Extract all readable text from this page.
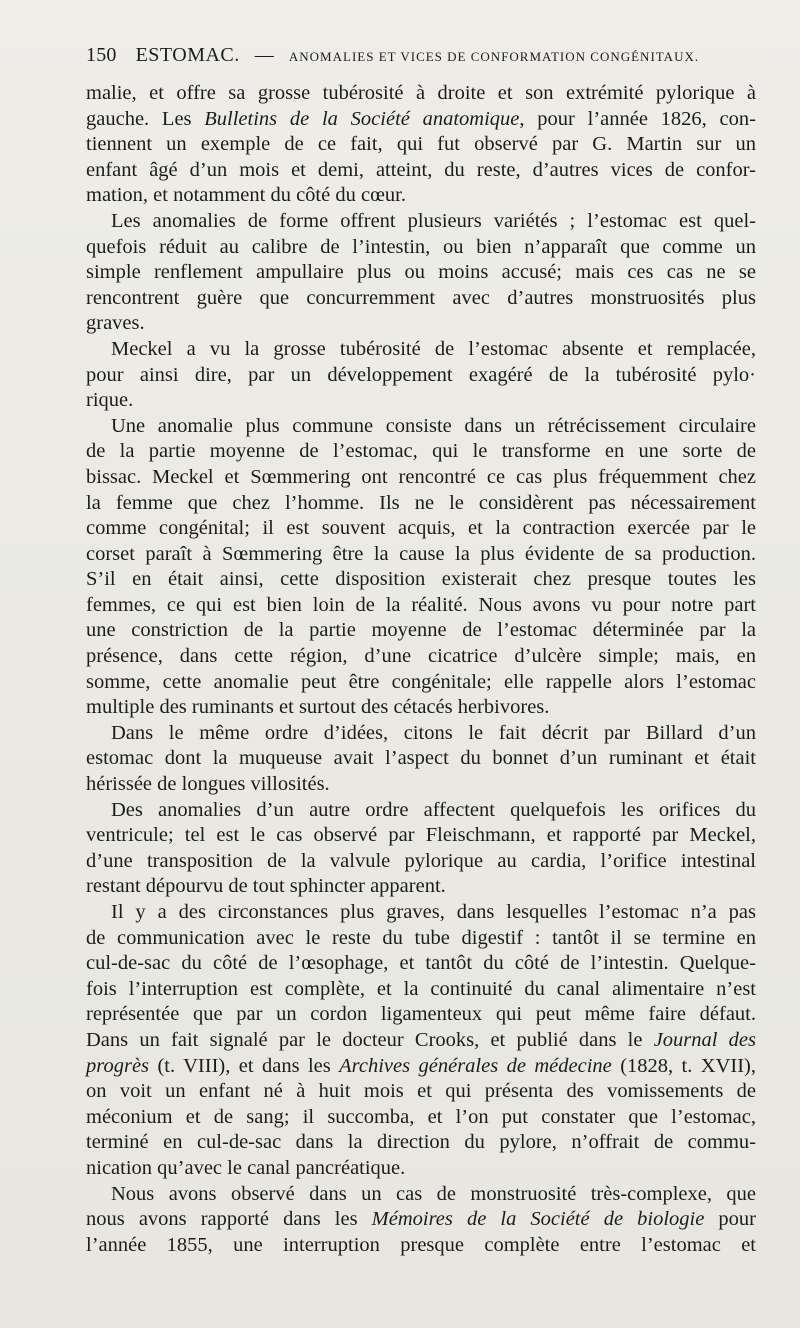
150 ESTOMAC. — ANOMALIES ET VICES DE CONFORMATION CONGÉNITAUX.
malie, et offre sa grosse tubérosité à droite et son extrémité pylorique à
gauche. Les Bulletins de la Société anatomique, pour l’année 1826, con-
tiennent un exemple de ce fait, qui fut observé par G. Martin sur un
enfant âgé d’un mois et demi, atteint, du reste, d’autres vices de confor-
mation, et notamment du côté du cœur.
Les anomalies de forme offrent plusieurs variétés ; l’estomac est quel-
quefois réduit au calibre de l’intestin, ou bien n’apparaît que comme un
simple renflement ampullaire plus ou moins accusé; mais ces cas ne se
rencontrent guère que concurremment avec d’autres monstruosités plus
graves.
Meckel a vu la grosse tubérosité de l’estomac absente et remplacée,
pour ainsi dire, par un développement exagéré de la tubérosité pylo·
rique.
Une anomalie plus commune consiste dans un rétrécissement circulaire
de la partie moyenne de l’estomac, qui le transforme en une sorte de
bissac. Meckel et Sœmmering ont rencontré ce cas plus fréquemment chez
la femme que chez l’homme. Ils ne le considèrent pas nécessairement
comme congénital; il est souvent acquis, et la contraction exercée par le
corset paraît à Sœmmering être la cause la plus évidente de sa production.
S’il en était ainsi, cette disposition existerait chez presque toutes les
femmes, ce qui est bien loin de la réalité. Nous avons vu pour notre part
une constriction de la partie moyenne de l’estomac déterminée par la
présence, dans cette région, d’une cicatrice d’ulcère simple; mais, en
somme, cette anomalie peut être congénitale; elle rappelle alors l’estomac
multiple des ruminants et surtout des cétacés herbivores.
Dans le même ordre d’idées, citons le fait décrit par Billard d’un
estomac dont la muqueuse avait l’aspect du bonnet d’un ruminant et était
hérissée de longues villosités.
Des anomalies d’un autre ordre affectent quelquefois les orifices du
ventricule; tel est le cas observé par Fleischmann, et rapporté par Meckel,
d’une transposition de la valvule pylorique au cardia, l’orifice intestinal
restant dépourvu de tout sphincter apparent.
Il y a des circonstances plus graves, dans lesquelles l’estomac n’a pas
de communication avec le reste du tube digestif : tantôt il se termine en
cul-de-sac du côté de l’œsophage, et tantôt du côté de l’intestin. Quelque-
fois l’interruption est complète, et la continuité du canal alimentaire n’est
représentée que par un cordon ligamenteux qui peut même faire défaut.
Dans un fait signalé par le docteur Crooks, et publié dans le Journal des
progrès (t. VIII), et dans les Archives générales de médecine (1828, t. XVII),
on voit un enfant né à huit mois et qui présenta des vomissements de
méconium et de sang; il succomba, et l’on put constater que l’estomac,
terminé en cul-de-sac dans la direction du pylore, n’offrait de commu-
nication qu’avec le canal pancréatique.
Nous avons observé dans un cas de monstruosité très-complexe, que
nous avons rapporté dans les Mémoires de la Société de biologie pour
l’année 1855, une interruption presque complète entre l’estomac et
